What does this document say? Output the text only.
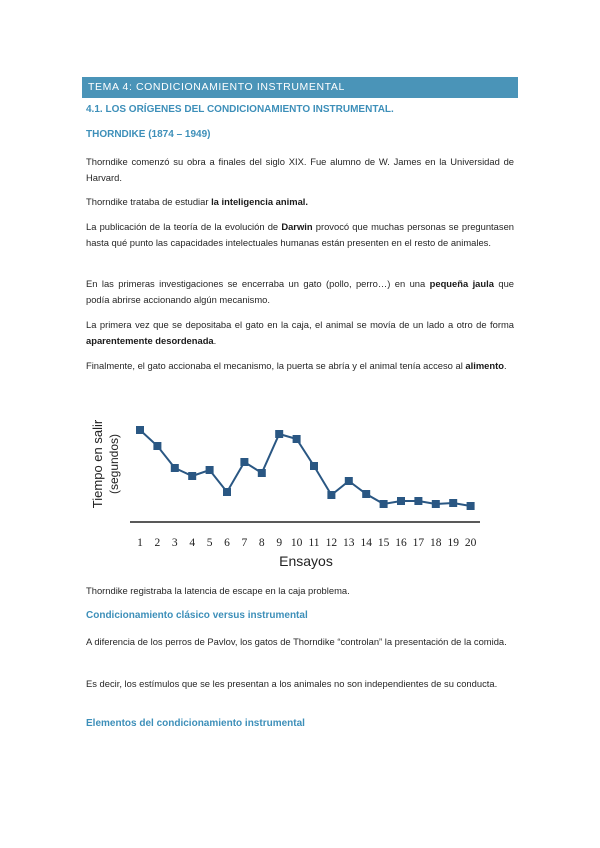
TEMA 4: CONDICIONAMIENTO INSTRUMENTAL
4.1. LOS ORÍGENES DEL CONDICIONAMIENTO INSTRUMENTAL.
THORNDIKE (1874 – 1949)
Thorndike comenzó su obra a finales del siglo XIX. Fue alumno de W. James en la Universidad de Harvard.
Thorndike trataba de estudiar la inteligencia animal.
La publicación de la teoría de la evolución de Darwin provocó que muchas personas se preguntasen hasta qué punto las capacidades intelectuales humanas están presenten en el resto de animales.
En las primeras investigaciones se encerraba un gato (pollo, perro…) en una pequeña jaula que podía abrirse accionando algún mecanismo.
La primera vez que se depositaba el gato en la caja, el animal se movía de un lado a otro de forma aparentemente desordenada.
Finalmente, el gato accionaba el mecanismo, la puerta se abría y el animal tenía acceso al alimento.
Tiempo en salir (segundos)
1 2 3 4 5 6 7 8 9 10 11 12 13 14 15 16 17 18 19 20
Ensayos
Thorndike registraba la latencia de escape en la caja problema.
Condicionamiento clásico versus instrumental
A diferencia de los perros de Pavlov, los gatos de Thorndike “controlan” la presentación de la comida.
Es decir, los estímulos que se les presentan a los animales no son independientes de su conducta.
Elementos del condicionamiento instrumental
